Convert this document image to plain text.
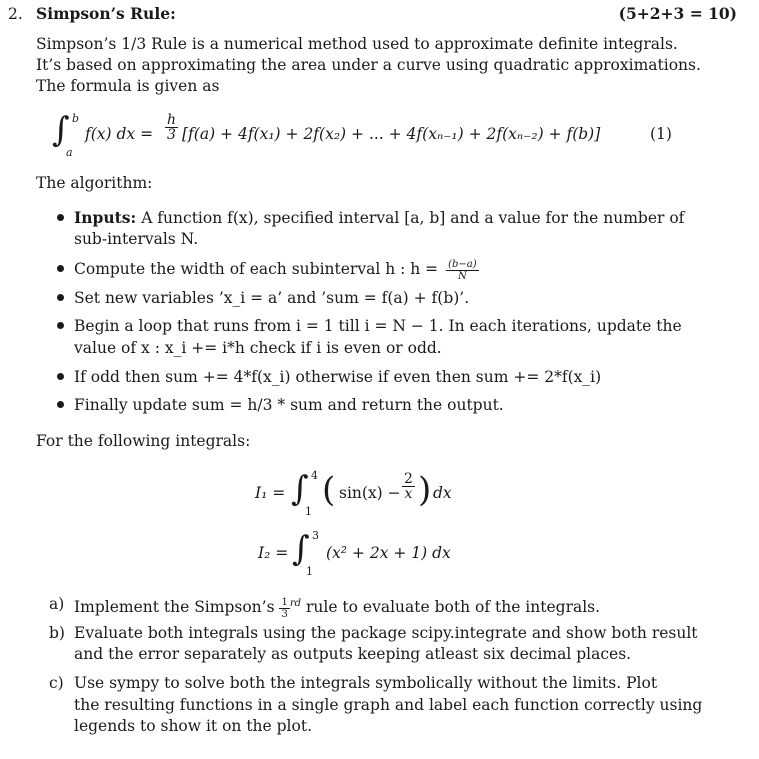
2. Simpson’s Rule:	(5+2+3 = 10)
Simpson’s 1/3 Rule is a numerical method used to approximate definite integrals.
It’s based on approximating the area under a curve using quadratic approximations.
The formula is given as
∫ b
a
f(x) dx = $\frac{h}{3} [f(a) + 4f(x_1) + 2f(x_2)$ + ... + 4f(xₙ₋₁) + 2f(xₙ₋₂) + f(b)]	(1)
The algorithm:
Inputs: A function f(x), specified interval [a, b] and a value for the number of
sub-intervals N.
Compute the width of each subinterval h : $h = \frac{(b-a)}{N}$
Set new variables ’x_i = a’ and ’sum = f(a) + f(b)’.
Begin a loop that runs from i = 1 till i = N − 1. In each iterations, update the
value of x : x_i += i*h check if i is even or odd.
If odd then sum += 4*f(x_i) otherwise if even then sum += 2*f(x_i)
Finally update sum = h/3 * sum and return the output.
For the following integrals:
I₁ = ∫ 4
1
( $\sin(x) - \frac{2}{x}$ ) dx
I₂ = ∫ 3
1
(x² + 2x + 1) dx
a) Implement the Simpson’s $\frac{1}{3} ^{rd}$ rule to evaluate both of the integrals.
b) Evaluate both integrals using the package scipy.integrate and show both result
and the error separately as outputs keeping atleast six decimal places.
c) Use sympy to solve both the integrals symbolically without the limits. Plot
the resulting functions in a single graph and label each function correctly using
legends to show it on the plot.
